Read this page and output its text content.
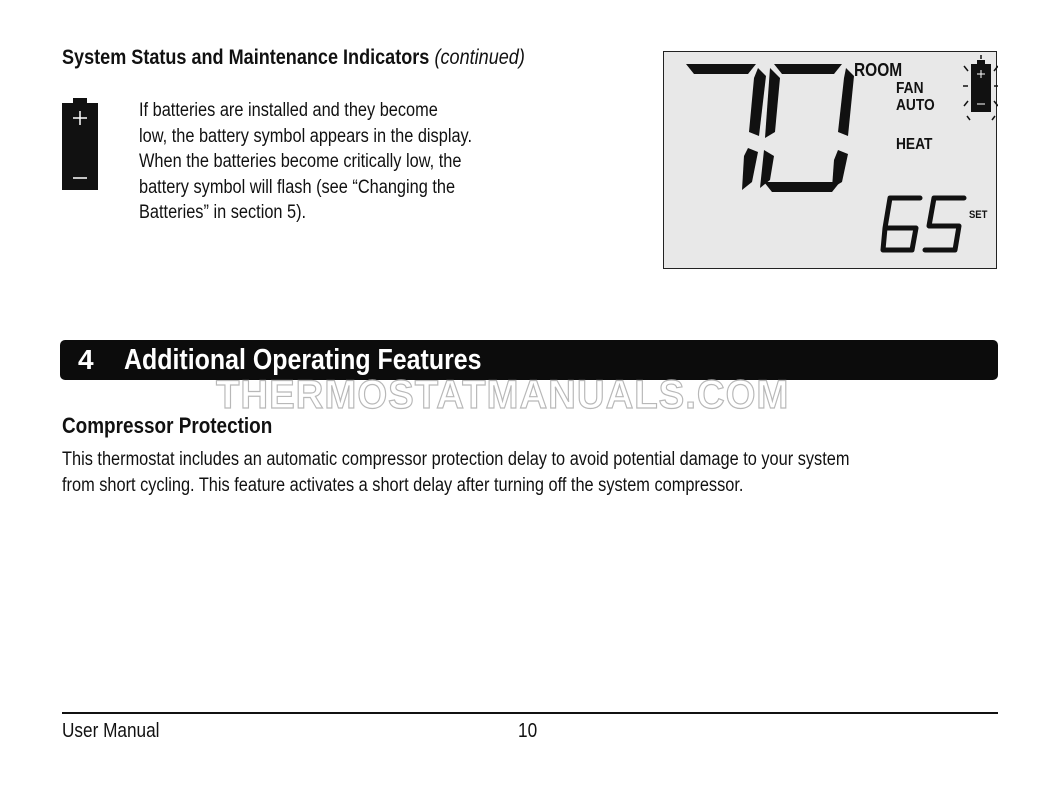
System Status and Maintenance Indicators (continued)
If batteries are installed and they become
low, the battery symbol appears in the display.
When the batteries become critically low, the
battery symbol will flash (see “Changing the
Batteries” in section 5).
ROOM
FAN
AUTO
HEAT
SET
4 Additional Operating Features
THERMOSTATMANUALS.COM
Compressor Protection
This thermostat includes an automatic compressor protection delay to avoid potential damage to your system
from short cycling. This feature activates a short delay after turning off the system compressor.
User Manual	10
